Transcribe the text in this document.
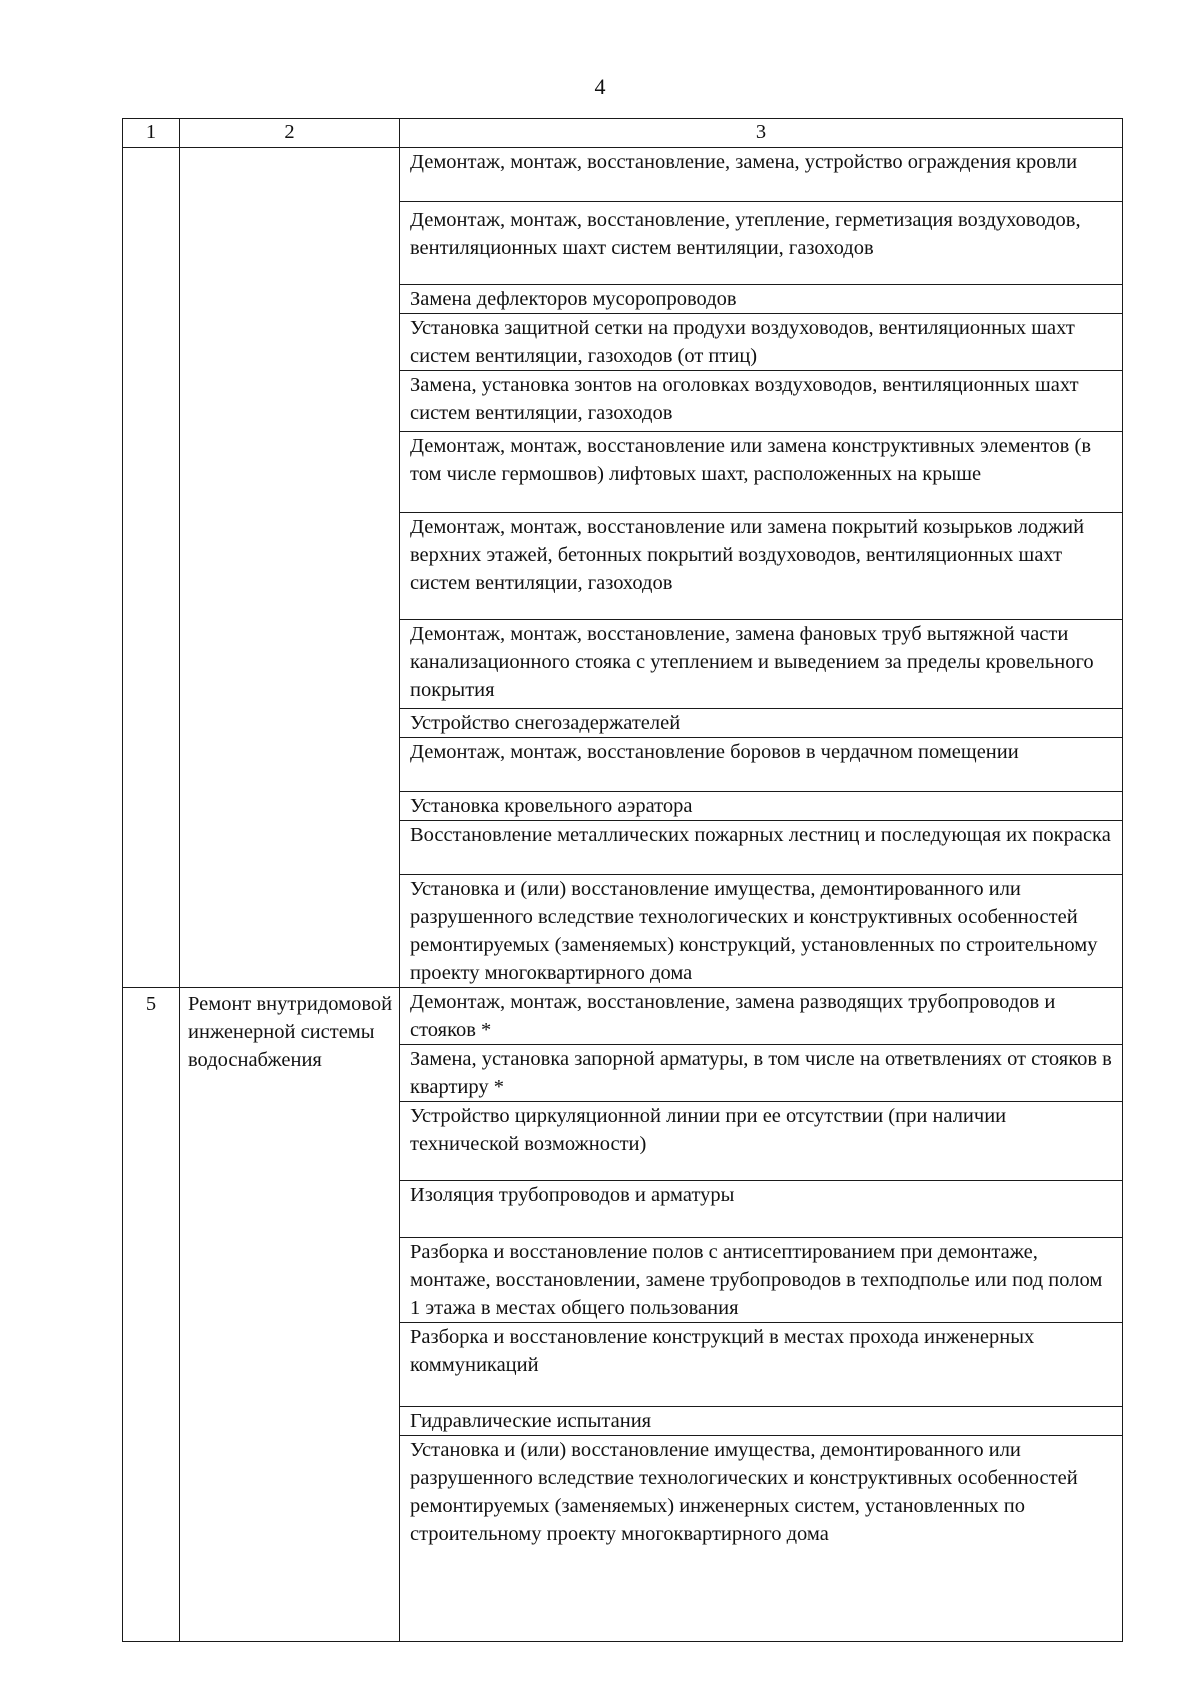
4
1	2	3
		Демонтаж, монтаж, восстановление, замена, устройство ограждения кровли
		Демонтаж, монтаж, восстановление, утепление, герметизация воздуховодов, вентиляционных шахт систем вентиляции, газоходов
		Замена дефлекторов мусоропроводов
		Установка защитной сетки на продухи воздуховодов, вентиляционных шахт систем вентиляции, газоходов (от птиц)
		Замена, установка зонтов на оголовках воздуховодов, вентиляционных шахт систем вентиляции, газоходов
		Демонтаж, монтаж, восстановление или замена конструктивных элементов (в том числе гермошвов) лифтовых шахт, расположенных на крыше
		Демонтаж, монтаж, восстановление или замена покрытий козырьков лоджий верхних этажей, бетонных покрытий воздуховодов, вентиляционных шахт систем вентиляции, газоходов
		Демонтаж, монтаж, восстановление, замена фановых труб вытяжной части канализационного стояка с утеплением и выведением за пределы кровельного покрытия
		Устройство снегозадержателей
		Демонтаж, монтаж, восстановление боровов в чердачном помещении
		Установка кровельного аэратора
		Восстановление металлических пожарных лестниц и последующая их покраска
		Установка и (или) восстановление имущества, демонтированного или разрушенного вследствие технологических и конструктивных особенностей ремонтируемых (заменяемых) конструкций, установленных по строительному проекту многоквартирного дома
5	Ремонт внутридомовой инженерной системы водоснабжения	Демонтаж, монтаж, восстановление, замена разводящих трубопроводов и стояков *
		Замена, установка запорной арматуры, в том числе на ответвлениях от стояков в квартиру *
		Устройство циркуляционной линии при ее отсутствии (при наличии технической возможности)
		Изоляция трубопроводов и арматуры
		Разборка и восстановление полов с антисептированием при демонтаже, монтаже, восстановлении, замене трубопроводов в техподполье или под полом 1 этажа в местах общего пользования
		Разборка и восстановление конструкций в местах прохода инженерных коммуникаций
		Гидравлические испытания
		Установка и (или) восстановление имущества, демонтированного или разрушенного вследствие технологических и конструктивных особенностей ремонтируемых (заменяемых) инженерных систем, установленных по строительному проекту многоквартирного дома
